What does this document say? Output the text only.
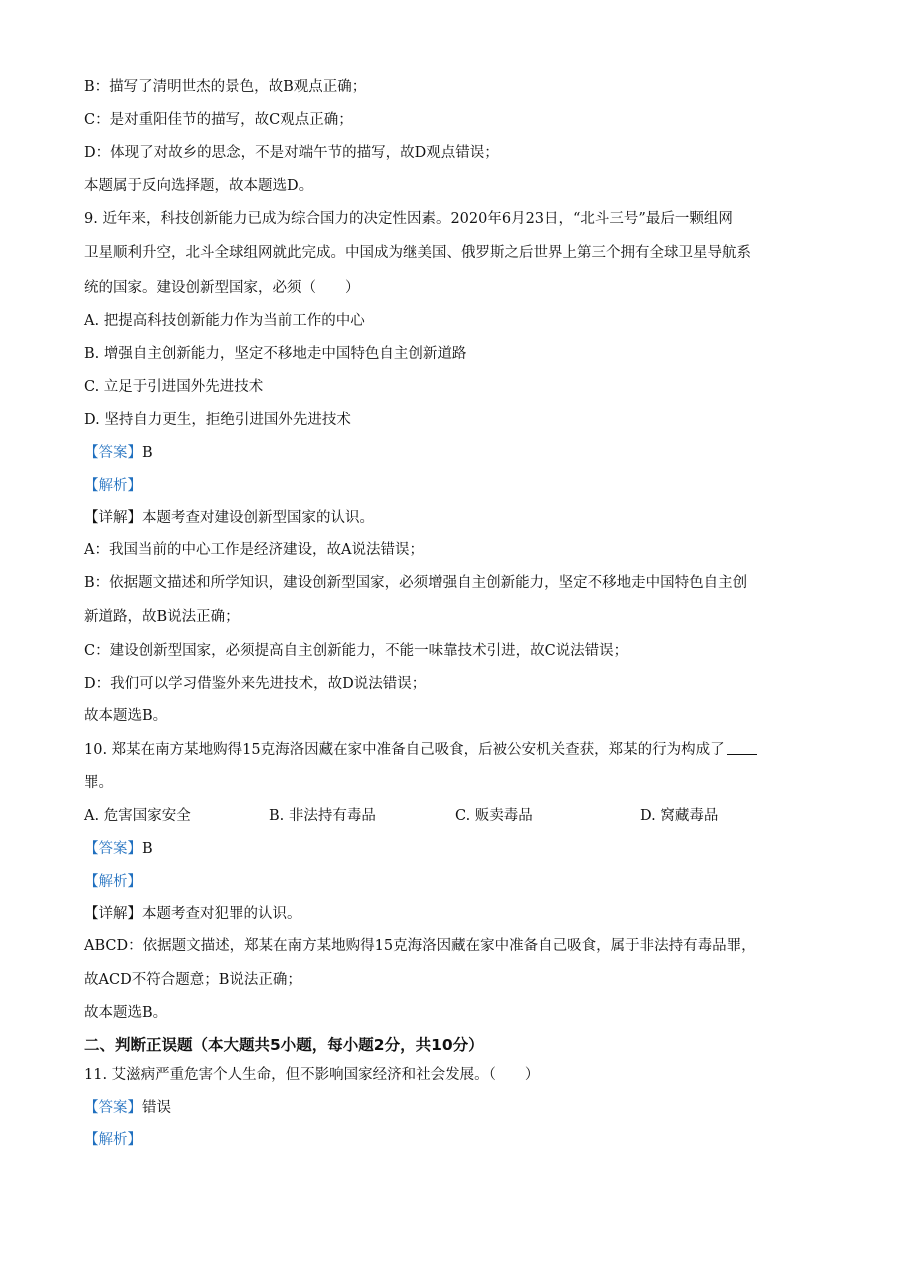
B：描写了清明世杰的景色，故B观点正确；
C：是对重阳佳节的描写，故C观点正确；
D：体现了对故乡的思念，不是对端午节的描写，故D观点错误；
本题属于反向选择题，故本题选D。
9. 近年来，科技创新能力已成为综合国力的决定性因素。2020年6月23日，“北斗三号”最后一颗组网
卫星顺利升空，北斗全球组网就此完成。中国成为继美国、俄罗斯之后世界上第三个拥有全球卫星导航系
统的国家。建设创新型国家，必须（　　）
A. 把提高科技创新能力作为当前工作的中心
B. 增强自主创新能力，坚定不移地走中国特色自主创新道路
C. 立足于引进国外先进技术
D. 坚持自力更生，拒绝引进国外先进技术
【答案】B
【解析】
【详解】本题考查对建设创新型国家的认识。
A：我国当前的中心工作是经济建设，故A说法错误；
B：依据题文描述和所学知识，建设创新型国家，必须增强自主创新能力，坚定不移地走中国特色自主创
新道路，故B说法正确；
C：建设创新型国家，必须提高自主创新能力，不能一味靠技术引进，故C说法错误；
D：我们可以学习借鉴外来先进技术，故D说法错误；
故本题选B。
10. 郑某在南方某地购得15克海洛因藏在家中准备自己吸食，后被公安机关查获，郑某的行为构成了
罪。
A. 危害国家安全	B. 非法持有毒品	C. 贩卖毒品	D. 窝藏毒品
【答案】B
【解析】
【详解】本题考查对犯罪的认识。
ABCD：依据题文描述，郑某在南方某地购得15克海洛因藏在家中准备自己吸食，属于非法持有毒品罪，
故ACD不符合题意；B说法正确；
故本题选B。
二、判断正误题（本大题共5小题，每小题2分，共10分）
11. 艾滋病严重危害个人生命，但不影响国家经济和社会发展。（　　）
【答案】错误
【解析】
